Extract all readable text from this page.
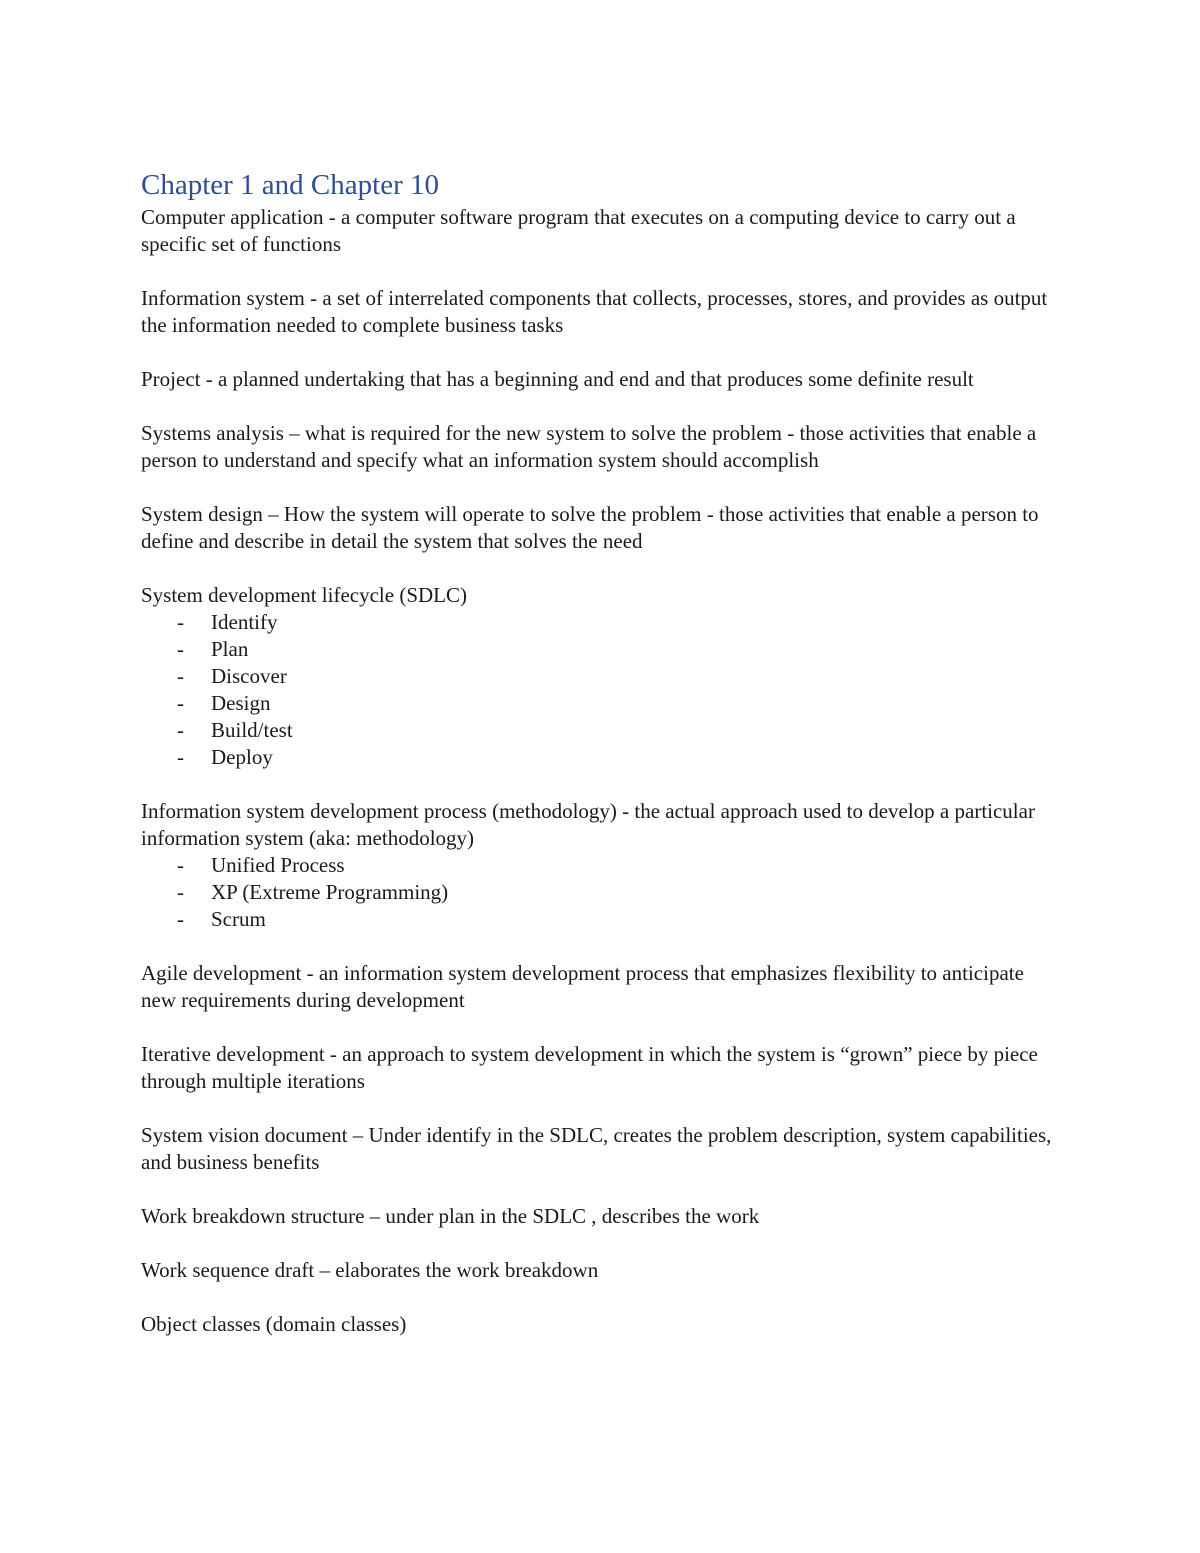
Chapter 1 and Chapter 10

Computer application - a computer software program that executes on a computing device to carry out a specific set of functions

Information system - a set of interrelated components that collects, processes, stores, and provides as output the information needed to complete business tasks

Project - a planned undertaking that has a beginning and end and that produces some definite result

Systems analysis – what is required for the new system to solve the problem - those activities that enable a person to understand and specify what an information system should accomplish

System design – How the system will operate to solve the problem - those activities that enable a person to define and describe in detail the system that solves the need

System development lifecycle (SDLC)

- Identify
- Plan
- Discover
- Design
- Build/test
- Deploy

Information system development process (methodology) - the actual approach used to develop a particular information system (aka: methodology)

- Unified Process
- XP (Extreme Programming)
- Scrum

Agile development - an information system development process that emphasizes flexibility to anticipate new requirements during development

Iterative development - an approach to system development in which the system is “grown” piece by piece through multiple iterations

System vision document – Under identify in the SDLC, creates the problem description, system capabilities, and business benefits

Work breakdown structure – under plan in the SDLC , describes the work

Work sequence draft – elaborates the work breakdown

Object classes (domain classes)
